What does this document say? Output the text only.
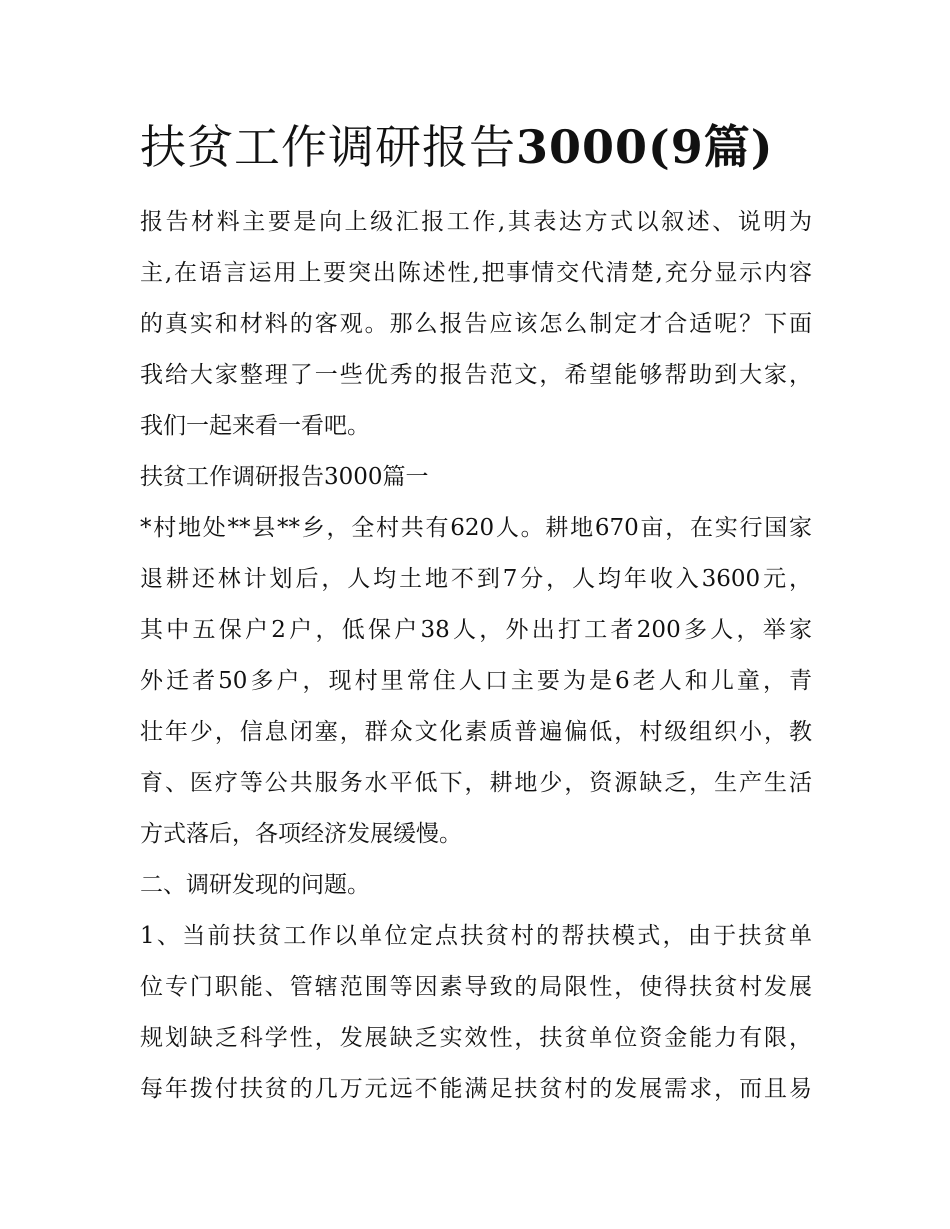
扶贫工作调研报告3000(9篇)
报告材料主要是向上级汇报工作,其表达方式以叙述、说明为
主,在语言运用上要突出陈述性,把事情交代清楚,充分显示内容
的真实和材料的客观。那么报告应该怎么制定才合适呢？下面
我给大家整理了一些优秀的报告范文，希望能够帮助到大家，
我们一起来看一看吧。
扶贫工作调研报告3000篇一
*村地处**县**乡，全村共有620人。耕地670亩，在实行国家
退耕还林计划后，人均土地不到7分，人均年收入3600元，
其中五保户2户，低保户38人，外出打工者200多人，举家
外迁者50多户，现村里常住人口主要为是6老人和儿童，青
壮年少，信息闭塞，群众文化素质普遍偏低，村级组织小，教
育、医疗等公共服务水平低下，耕地少，资源缺乏，生产生活
方式落后，各项经济发展缓慢。
二、调研发现的问题。
1、当前扶贫工作以单位定点扶贫村的帮扶模式，由于扶贫单
位专门职能、管辖范围等因素导致的局限性，使得扶贫村发展
规划缺乏科学性，发展缺乏实效性，扶贫单位资金能力有限，
每年拨付扶贫的几万元远不能满足扶贫村的发展需求，而且易
